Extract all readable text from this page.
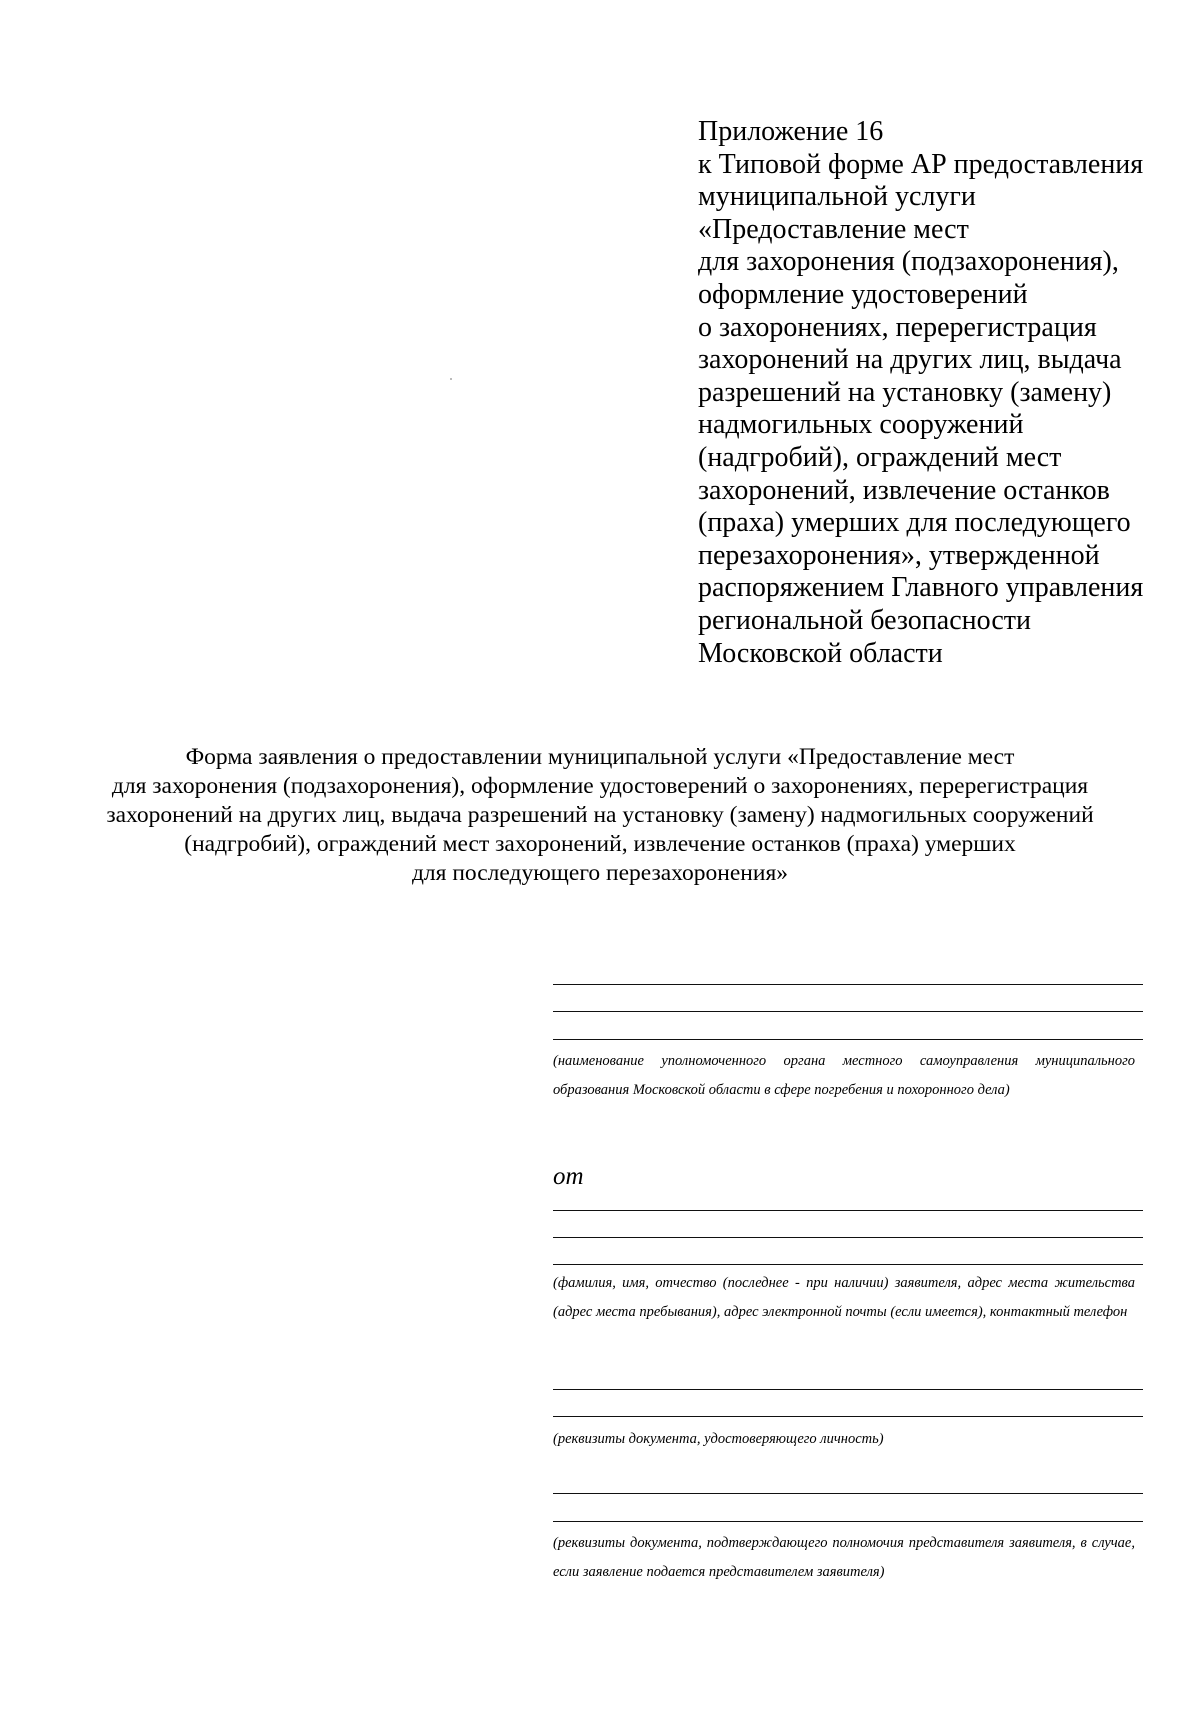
Приложение 16
к Типовой форме АР предоставления
муниципальной услуги
«Предоставление мест
для захоронения (подзахоронения),
оформление удостоверений
о захоронениях, перерегистрация
захоронений на других лиц, выдача
разрешений на установку (замену)
надмогильных сооружений
(надгробий), ограждений мест
захоронений, извлечение останков
(праха) умерших для последующего
перезахоронения», утвержденной
распоряжением Главного управления
региональной безопасности
Московской области
Форма заявления о предоставлении муниципальной услуги «Предоставление мест
для захоронения (подзахоронения), оформление удостоверений о захоронениях, перерегистрация
захоронений на других лиц, выдача разрешений на установку (замену) надмогильных сооружений
(надгробий), ограждений мест захоронений, извлечение останков (праха) умерших
для последующего перезахоронения»
(наименование уполномоченного органа местного самоуправления муниципального образования Московской области в сфере погребения и похоронного дела)
от
(фамилия, имя, отчество (последнее - при наличии) заявителя, адрес места жительства (адрес места пребывания), адрес электронной почты (если имеется), контактный телефон
(реквизиты документа, удостоверяющего личность)
(реквизиты документа, подтверждающего полномочия представителя заявителя, в случае, если заявление подается представителем заявителя)
